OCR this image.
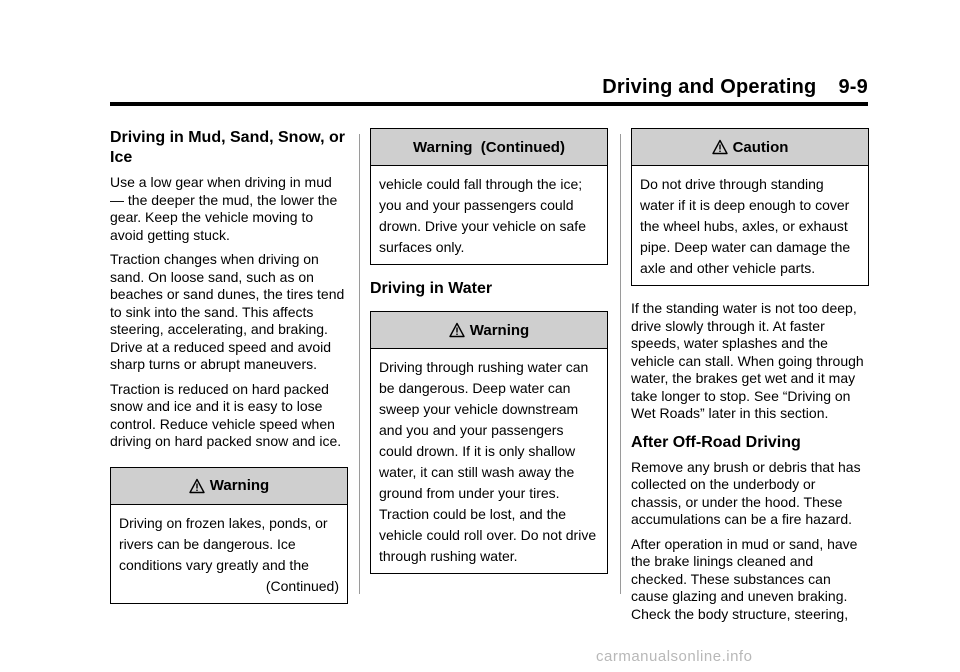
Driving and Operating 9-9
Driving in Mud, Sand, Snow, or Ice

Use a low gear when driving in mud — the deeper the mud, the lower the gear. Keep the vehicle moving to avoid getting stuck.

Traction changes when driving on sand. On loose sand, such as on beaches or sand dunes, the tires tend to sink into the sand. This affects steering, accelerating, and braking. Drive at a reduced speed and avoid sharp turns or abrupt maneuvers.

Traction is reduced on hard packed snow and ice and it is easy to lose control. Reduce vehicle speed when driving on hard packed snow and ice.

Warning
Driving on frozen lakes, ponds, or rivers can be dangerous. Ice conditions vary greatly and the
(Continued)
Warning  (Continued)
vehicle could fall through the ice; you and your passengers could drown. Drive your vehicle on safe surfaces only.
Driving in Water
Warning
Driving through rushing water can be dangerous. Deep water can sweep your vehicle downstream and you and your passengers could drown. If it is only shallow water, it can still wash away the ground from under your tires. Traction could be lost, and the vehicle could roll over. Do not drive through rushing water.
Caution
Do not drive through standing water if it is deep enough to cover the wheel hubs, axles, or exhaust pipe. Deep water can damage the axle and other vehicle parts.

If the standing water is not too deep, drive slowly through it. At faster speeds, water splashes and the vehicle can stall. When going through water, the brakes get wet and it may take longer to stop. See “Driving on Wet Roads” later in this section.

After Off-Road Driving

Remove any brush or debris that has collected on the underbody or chassis, or under the hood. These accumulations can be a fire hazard.

After operation in mud or sand, have the brake linings cleaned and checked. These substances can cause glazing and uneven braking. Check the body structure, steering,

carmanualsonline.info
